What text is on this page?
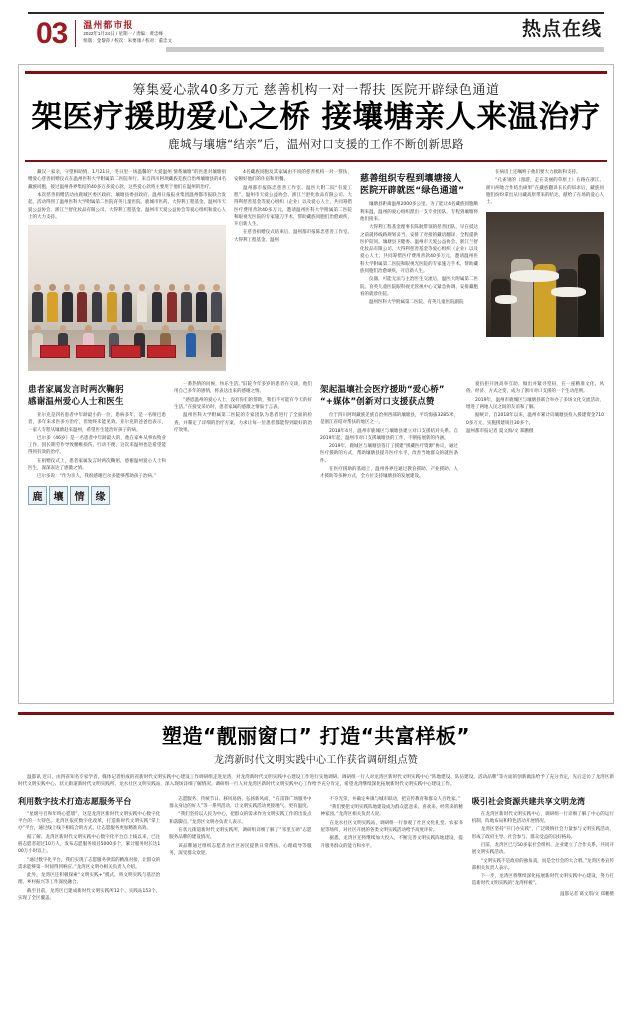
03	温州都市报
2022年1月24日 / 星期一 / 责编：黄忠峰
组版：金黎萍 / 校次：朱要康 / 校对：董忠文
热点在线
筹集爱心款40多万元 慈善机构一对一帮扶 医院开辟绿色通道
架医疗援助爱心之桥 接壤塘亲人来温治疗
鹿城与壤塘“结亲”后，温州对口支援的工作不断创新思路
藏汉一家亲，守望相助情。1月21日，冬日里一场温馨的“大爱温州 情系壤塘”的医患对壤塘捐赠爱心慈善捐赠仪式在温州医科大学附属第二医院举行。来自四川阿坝藏族羌族自治州壤塘县的4名藏族同胞，接过温州各界集结的40多万多爱心款，这些爱心款将主要用于他们在温州的治疗。
本次慈善捐赠活动由鹿城区委区政府、壤塘县委县政府、温州日报报业集团温州都市报联合发起，活动得到了温州医科大学附属第二医院育英儿童医院、鹿城市医药、大得利工程基金、温州市天爱公益协会、浙江兰舒化妆品有限公司、大得利工程基金、温州市天爱公益协会等爱心组织和爱心人士的大力支持。
4名藏族同胞及其家属由不同的慈善机构一对一帮扶，安顿好他们的住宿和用餐。
温州都市报陈忠慈善工作室、温医大附二院“有爱工程”、温州市天爱公益协会、浙江兰舒化妆品有限公司、大得利慈善基金等爱心组织（企业）以及爱心人士，共同筹措医疗费用善款40多万元，邀请温州医科大学附属第二医院和眼视光医院的专家施刀手术，帮助藏族同胞们治愈顽疾，开启新人生。
在慈善捐赠仪式结束后，温州都市报陈忠慈善工作室、大得利工程基金、温州
慈善组织专程到壤塘接人
医院开辟就医“绿色通道”
壤塘县距离温州2000多公里。为了能让4名藏族同胞顺利来温，温州的爱心组织派出一支专业团队，专程到壤塘将他们接来。
大得利工程基金理事长陈航带领的慈善团队，早在抵达之前就将线路规划妥当，安排了对接的藏语翻译，全程提供医护陪同。壤塘县卫健委、温州市天爱公益协会、浙江兰舒化妆品有限公司、大得利慈善基金等爱心组织（企业）以及爱心人士，共同筹措医疗费用善款40多万元，邀请温州医科大学附属第二医院和眼视光医院的专家施刀手术，帮助藏族同胞们治愈顽疾，开启新人生。
仪器，可能无法与主治医生交流后，温医大附属第二医院、育英儿童医院眼科视光管视中心又紧急协调，安排藏胞看的就诊住院。
温州医科大学附属第二医院、育英儿童医院副院
在病房上还嘱咐子他们要大力救助和支持。
“孔雀翎的（漫游，走在美丽的草原上）在路在浙江，浙川两地合作结出硕果”在藏族翻译长长的诉求后，藏族同胞们纷纷拿出从川藏高原带来的哈达，献给了在场的爱心人士。
患者家属发言时两次鞠躬
感谢温州爱心人士和医生
亚尔克是四名患者中年龄最小的一位，患病多年，是一名哑巴患者，多年来求医多方治疗，但始终未能见效。亚尔克的爸爸也表示，一家人专程从壤塘赶来温州，希望医生能治好孩子的病。
巴尔多（46岁）是一名患者中年龄最大的，他在家乡从事农牧业工作，因长期劳作导致腰椎损伤，行动不便，这次来温州也是希望能得到有效的治疗。
在捐赠仪式上，患者家属发言时两次鞠躬，感谢温州爱心人士和医生，深深表达了感激之情。
巴尔多说：“作为亲人，我很感谢巴尔多能够帮助孩子治病。”
鹿	壤	情	缘
一番热情的问候，快乐生活。”旧院今年多岁的患者在交谈，他们用自己多年的感情，将表达出来的感谢之情。
“感恩温州的爱心人士，没有你们的帮助，我们不可能有今天的好生活。”在接受采访时，患者家属的感激之情溢于言表。
温州医科大学附属第二医院的专家团队为患者进行了全面的检查，并制定了详细的治疗方案，力求让每一位患者都能得到最好的治疗效果。
架起温壤社会医疗援助“爱心桥”
“+媒体”创新对口支援获点赞
位于四川阿坝藏族羌族自治州西部的壤塘县，平均海拔3285米，是浙江省结对帮扶的地区之一。
2018年4月，温州市鹿城区与壤塘县建立对口支援结对关系。自2019年起，温州市对口支援壤塘县的工作，不断拓展新的内涵。
2019年，鹿城区与壤塘县签订了援建“援藏医疗资源”协议，通过医疗援助的方式，帮助壤塘县提升医疗水平，改善当地群众的就医条件。
在医疗援助的基础上，温州各界还通过教育援助、产业援助、人才援助等多种方式，全方位支持壤塘县的发展建设。
爱抗拒开展高举互助，做出并紧寻窒闷，在一座精准文化、风俗、经济、方式之变，成为了浙川对口支援的一个生动范例。
2019年，温州市鹿城区与壤塘县联合举办了多场文化交流活动，增进了两地人民之间的友谊和了解。
据统计，自2018年以来，温州市累计向壤塘县投入援建资金7100多万元，实施援建项目30多个。
温州都市报记者 夏文海/文 郑鹏摄
塑造“靓丽窗口” 打造“共富样板”
龙湾新时代文明实践中心工作获省调研组点赞
温都讯 近日，由四省知名专家学者、媒体记者组成的省新时代文明实践中心建设工作调研组走进龙湾，对龙湾新时代文明实践中心建设工作进行实地调研。调研组一行人对龙湾区新时代文明实践中心“阵地建设、队伍建设、活动品牌”等方面的创新做法给予了充分肯定，先后走访了龙湾区新时代文明实践中心、状元街道新时代文明实践所、龙水社区文明实践站，深入现场详细了解情况。调研组一行人对龙湾区新时代文明实践中心工作给予充分肯定，希望龙湾继续深化拓展新时代文明实践中心建设工作。
利用数字技术打造志愿服务平台
“星级号召和年终心愿墙”，这是龙湾区新时代文明实践中心数字化平台的一大特色。龙湾区依托数字化改革，打造新时代文明实践“掌上办”平台，通过线上线下相结合的方式，让志愿服务更加精准高效。
据了解，龙湾区新时代文明实践中心数字化平台自上线以来，已注册志愿者超过10万人，发布志愿服务项目5000多个，累计服务时长达100万小时以上。
“通过数字化平台，我们实现了志愿服务供需的精准对接，让群众的需求能够第一时间得到响应。”龙湾区文明办相关负责人介绍。
此外，龙湾区还积极探索“文明实践+”模式，将文明实践与基层治理、乡村振兴等工作深度融合。
截至目前，龙湾区已建成新时代文明实践所12个、实践站153个，实现了全区覆盖。
志愿服务、传统节日、移风易俗、弘扬新风尚、“在雷锋广场服务中群众身边的好人”等一系列活动，让文明实践活动更接地气、更有温度。
“我们坚持以人民为中心，把群众的需求作为文明实践工作的出发点和落脚点。”龙湾区文明办负责人表示。
在状元街道新时代文明实践所，调研组详细了解了“邻里互助”志愿服务品牌的建设情况。
该品牌通过组织志愿者为社区居民提供日常帮扶、心理疏导等服务，深受群众欢迎。
不夺光荣，并确定乡镇与城市联动，把宣传教育和群众人百姓家。”
“我们要把文明实践阵地建设成为群众愿意来、喜欢来、经常来的精神家园。”龙湾区相关负责人说。
在龙水社区文明实践站，调研组一行参观了社区文化礼堂、农家书屋等场所，对社区开展的各类文明实践活动给予高度评价。
据悉，龙湾区还将继续加大投入，不断完善文明实践阵地建设，提升服务群众的能力和水平。
吸引社会资源共建共享文明龙湾
在龙湾区新时代文明实践中心，调研组一行详细了解了中心的运行机制、阵地布局和特色活动开展情况。
龙湾区坚持“开门办实践”，广泛吸纳社会力量参与文明实践活动，形成了政府主导、社会参与、群众受益的良好格局。
目前，龙湾区已与50多家社会组织、企业建立了合作关系，共同开展文明实践活动。
“文明实践不是政府的独角戏，而是全社会的大合唱。”龙湾区委宣传部相关负责人表示。
下一步，龙湾区将继续深化拓展新时代文明实践中心建设，努力打造新时代文明实践的“龙湾样板”。
温都记者 葛文琪/文 郑鹏摄
